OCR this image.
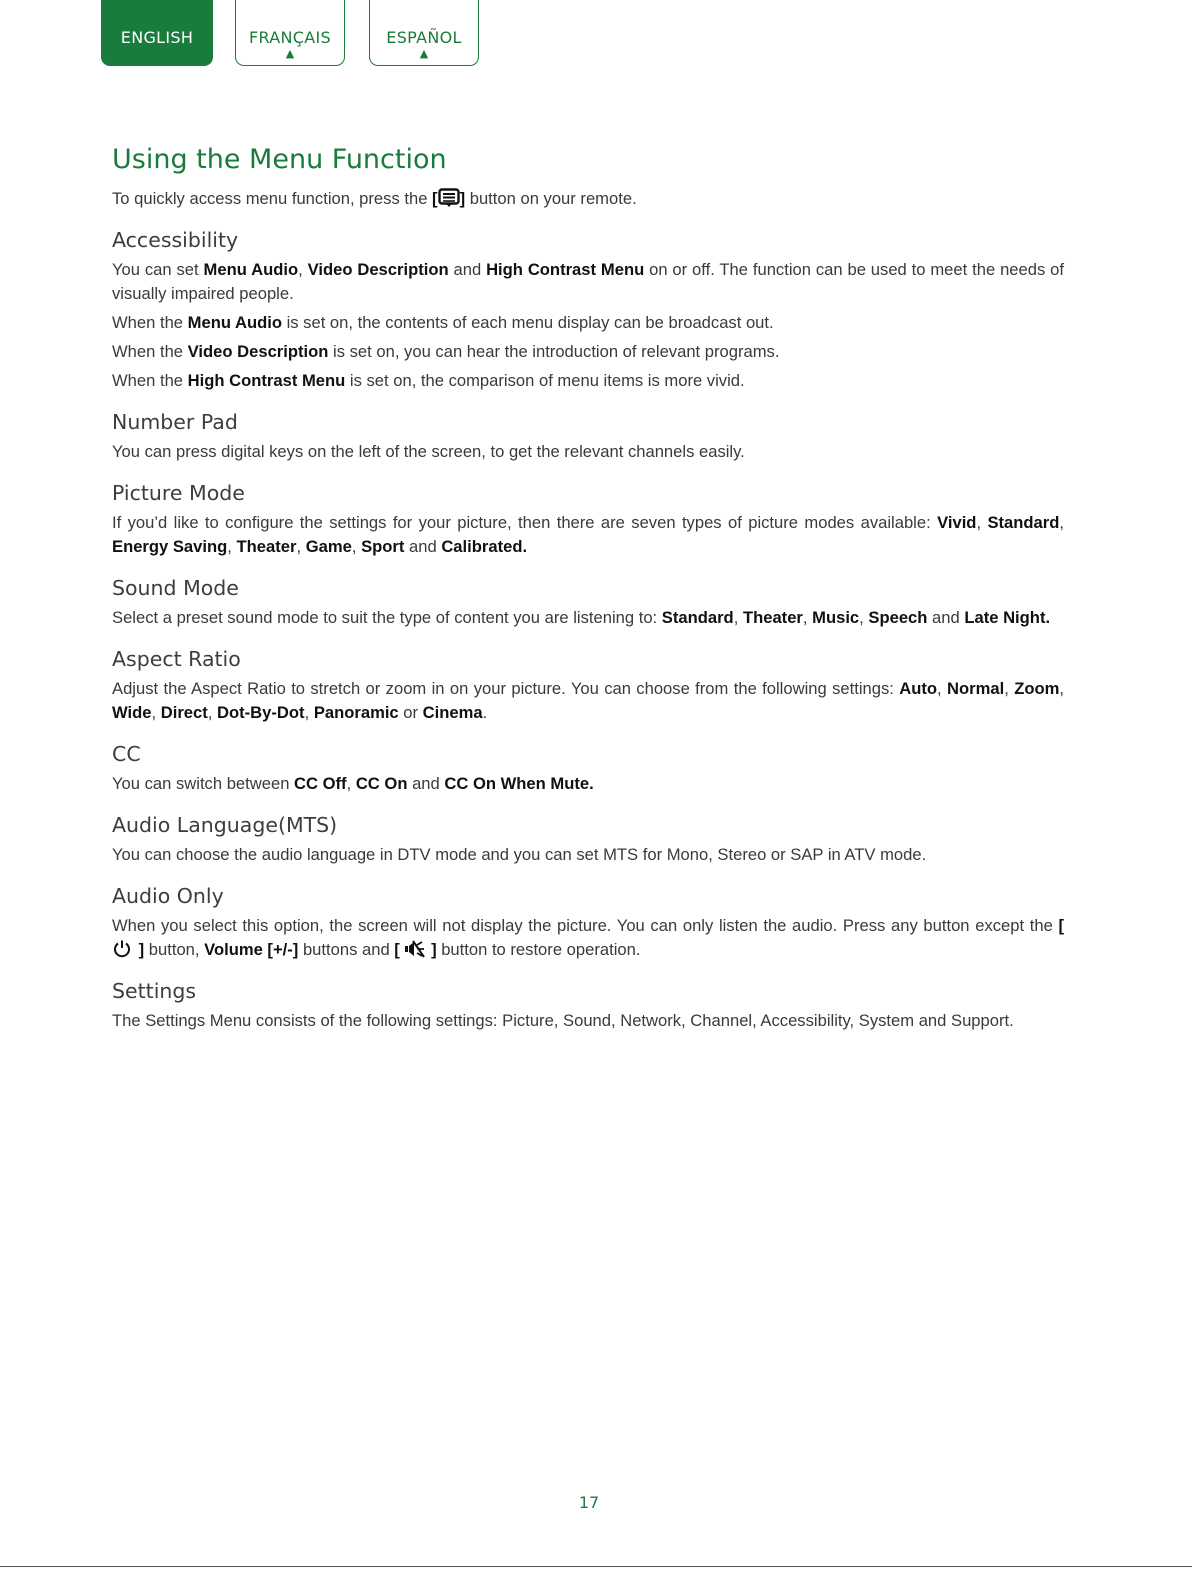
ENGLISH	FRANÇAIS
▲
ESPAÑOL
▲
Using the Menu Function

To quickly access menu function, press the [ ] button on your remote.

Accessibility

You can set Menu Audio, Video Description and High Contrast Menu on or off. The function can be used to meet the needs of visually impaired people.

When the Menu Audio is set on, the contents of each menu display can be broadcast out.

When the Video Description is set on, you can hear the introduction of relevant programs.

When the High Contrast Menu is set on, the comparison of menu items is more vivid.

Number Pad

You can press digital keys on the left of the screen, to get the relevant channels easily.

Picture Mode

If you’d like to configure the settings for your picture, then there are seven types of picture modes available: Vivid, Standard, Energy Saving, Theater, Game, Sport and Calibrated.

Sound Mode

Select a preset sound mode to suit the type of content you are listening to: Standard, Theater, Music, Speech and Late Night.

Aspect Ratio

Adjust the Aspect Ratio to stretch or zoom in on your picture. You can choose from the following settings: Auto, Normal, Zoom, Wide, Direct, Dot-By-Dot, Panoramic or Cinema.

CC

You can switch between CC Off, CC On and CC On When Mute.

Audio Language(MTS)

You can choose the audio language in DTV mode and you can set MTS for Mono, Stereo or SAP in ATV mode.

Audio Only

When you select this option, the screen will not display the picture. You can only listen the audio. Press any button except the [  ] button, Volume [+/-] buttons and [ ] button to restore operation.

Settings

The Settings Menu consists of the following settings: Picture, Sound, Network, Channel, Accessibility, System and Support.

17
